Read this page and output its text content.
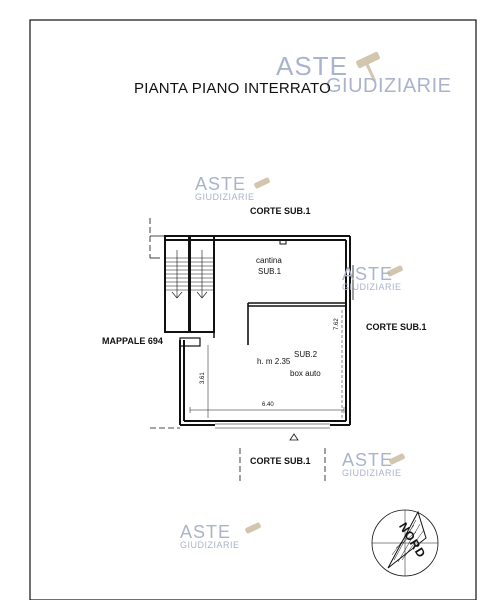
ASTE
GIUDIZIARIE
ASTE
GIUDIZIARIE
ASTE
GIUDIZIARIE
ASTE
GIUDIZIARIE
ASTE
GIUDIZIARIE
PIANTA PIANO INTERRATO
CORTE SUB.1
CORTE SUB.1
CORTE SUB.1
MAPPALE 694
cantina
SUB.1
SUB.2
h. m 2.35
box auto
6.40
7.62
3.61
NORD
